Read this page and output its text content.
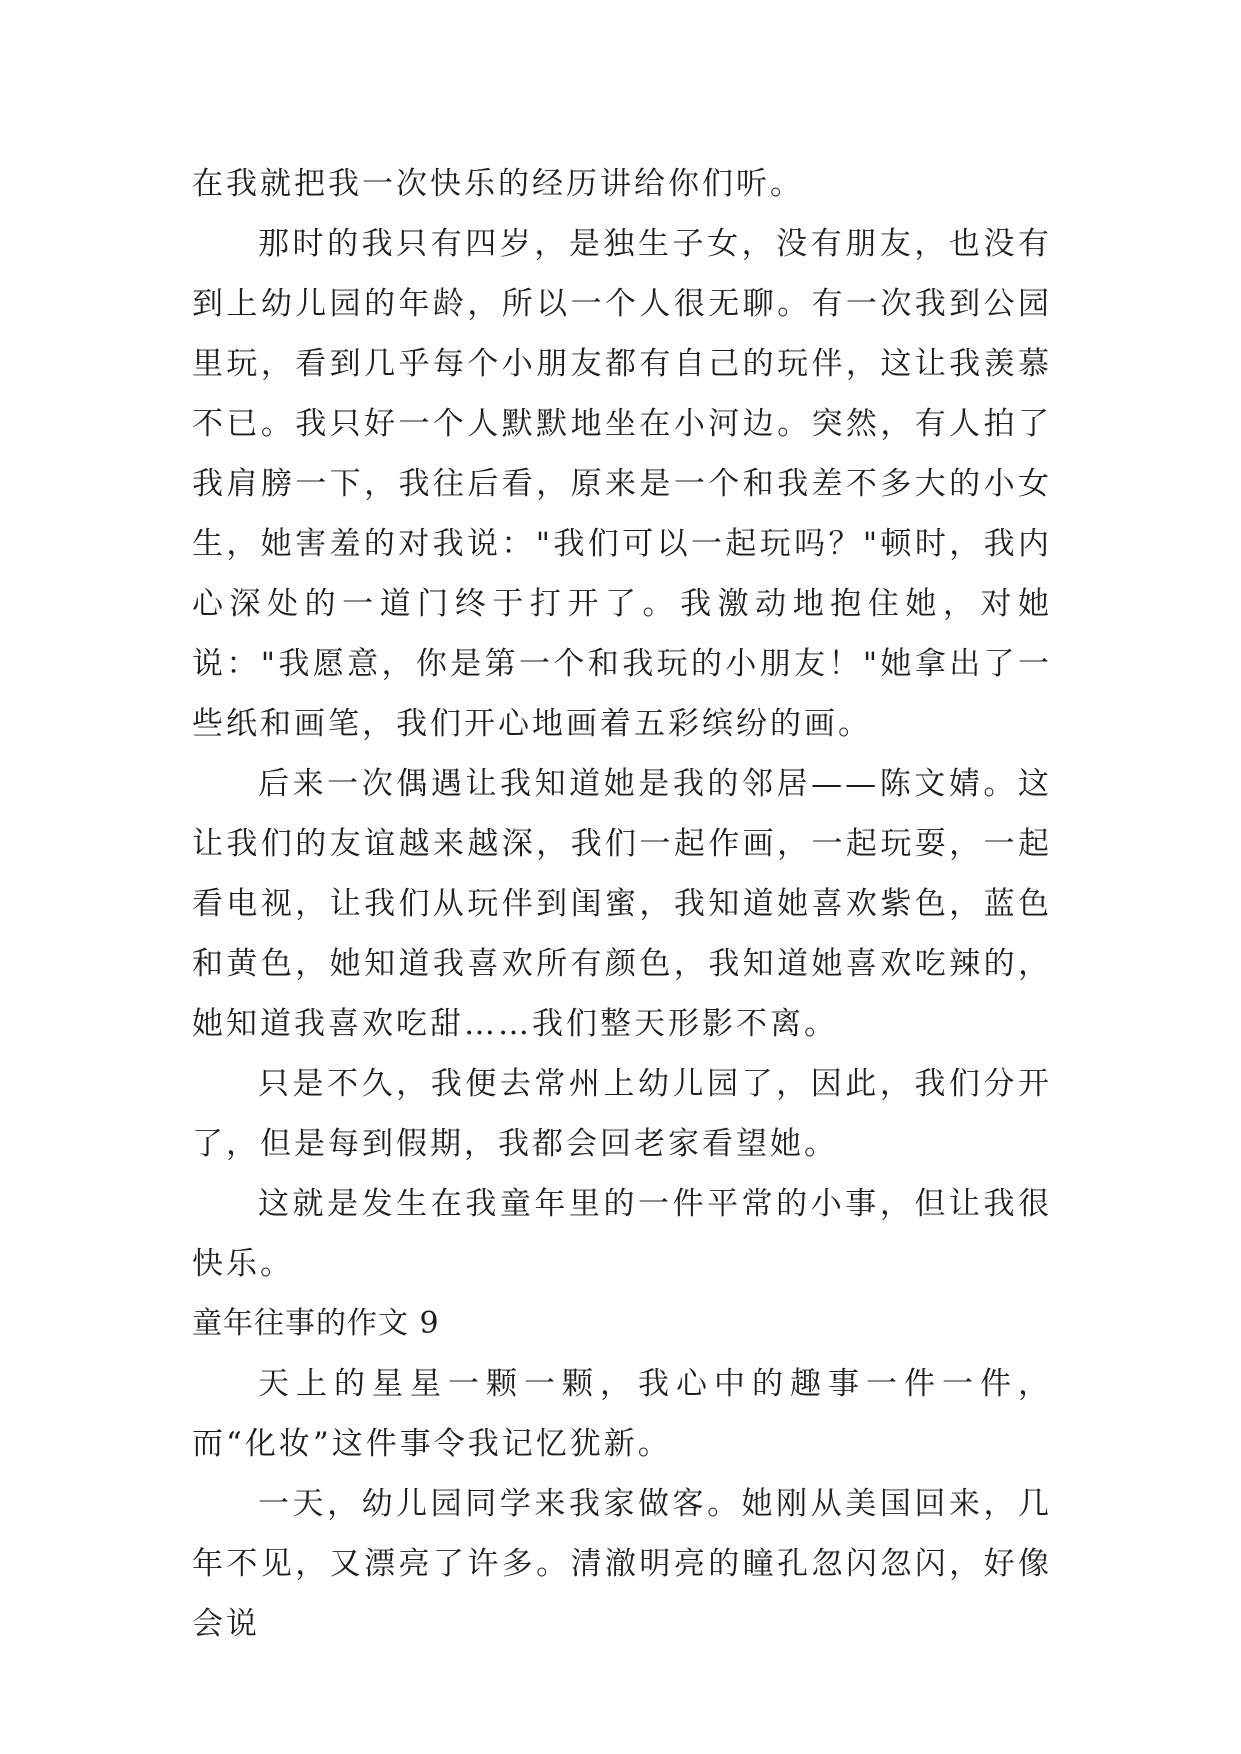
在我就把我一次快乐的经历讲给你们听。

那时的我只有四岁，是独生子女，没有朋友，也没有到上幼儿园的年龄，所以一个人很无聊。有一次我到公园里玩，看到几乎每个小朋友都有自己的玩伴，这让我羡慕不已。我只好一个人默默地坐在小河边。突然，有人拍了我肩膀一下，我往后看，原来是一个和我差不多大的小女生，她害羞的对我说："我们可以一起玩吗？"顿时，我内心深处的一道门终于打开了。我激动地抱住她，对她说："我愿意，你是第一个和我玩的小朋友！"她拿出了一些纸和画笔，我们开心地画着五彩缤纷的画。

后来一次偶遇让我知道她是我的邻居——陈文婧。这让我们的友谊越来越深，我们一起作画，一起玩耍，一起看电视，让我们从玩伴到闺蜜，我知道她喜欢紫色，蓝色和黄色，她知道我喜欢所有颜色，我知道她喜欢吃辣的，她知道我喜欢吃甜……我们整天形影不离。

只是不久，我便去常州上幼儿园了，因此，我们分开了，但是每到假期，我都会回老家看望她。

这就是发生在我童年里的一件平常的小事，但让我很快乐。

童年往事的作文 9

天上的星星一颗一颗，我心中的趣事一件一件，而“化妆”这件事令我记忆犹新。

一天，幼儿园同学来我家做客。她刚从美国回来，几年不见，又漂亮了许多。清澈明亮的瞳孔忽闪忽闪，好像会说
